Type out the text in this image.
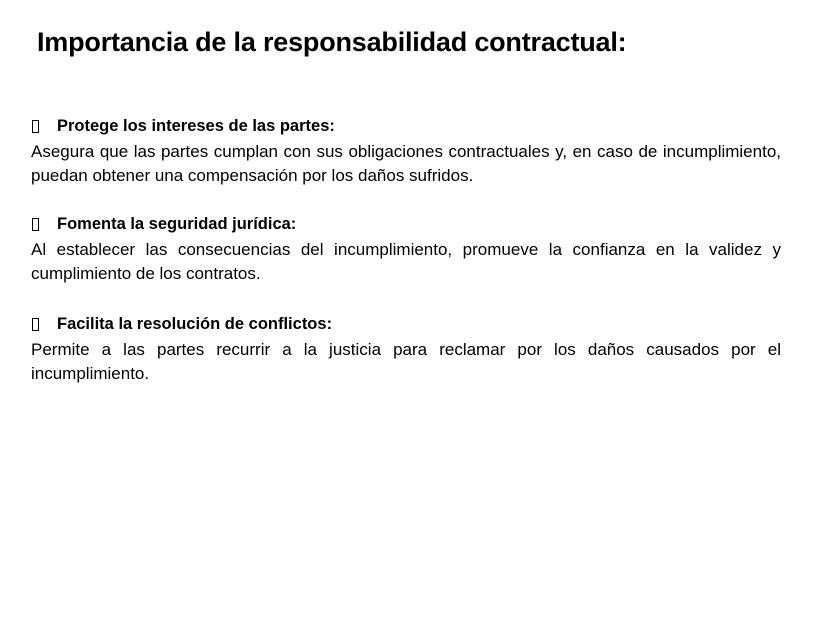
Importancia de la responsabilidad contractual:
Protege los intereses de las partes:

Asegura que las partes cumplan con sus obligaciones contractuales y, en caso de incumplimiento, puedan obtener una compensación por los daños sufridos.

Fomenta la seguridad jurídica:

Al establecer las consecuencias del incumplimiento, promueve la confianza en la validez y cumplimiento de los contratos.

Facilita la resolución de conflictos:

Permite a las partes recurrir a la justicia para reclamar por los daños causados por el incumplimiento.
